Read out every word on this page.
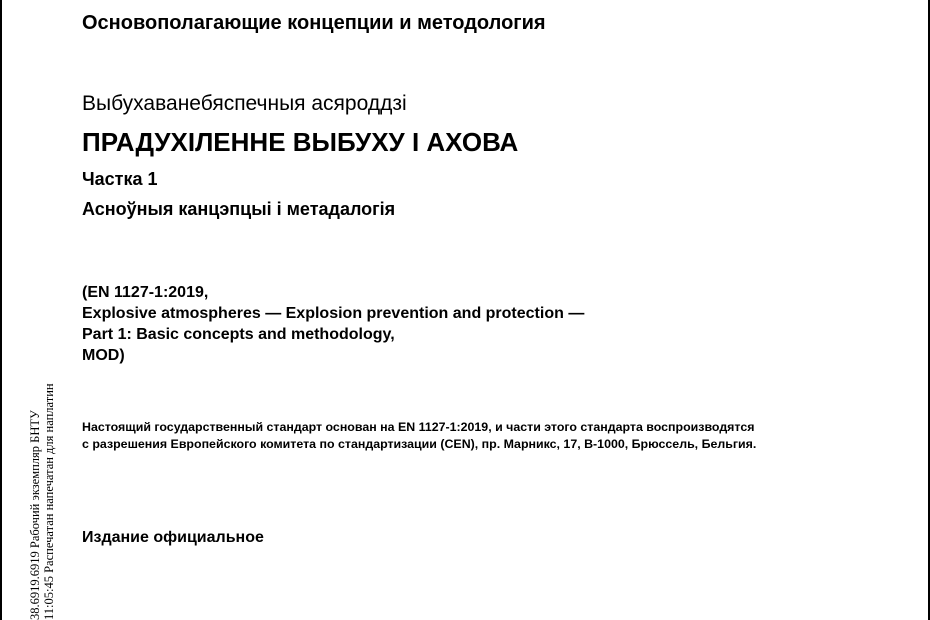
Основополагающие концепции и методология
Выбухаванебяспечныя асяроддзі
ПРАДУХІЛЕННЕ ВЫБУХУ І АХОВА
Частка 1
Асноўныя канцэпцыі і метадалогія
(EN 1127-1:2019,
Explosive atmospheres — Explosion prevention and protection —
Part 1: Basic concepts and methodology,
MOD)
Настоящий государственный стандарт основан на EN 1127-1:2019, и части этого стандарта воспроизводятся
с разрешения Европейского комитета по стандартизации (CEN), пр. Марникс, 17, B-1000, Брюссель, Бельгия.
Издание официальное
38.6919.6919 Рабочий экземпляр БНТУ 11:05:45 Распечатан напечатан для наплатин
